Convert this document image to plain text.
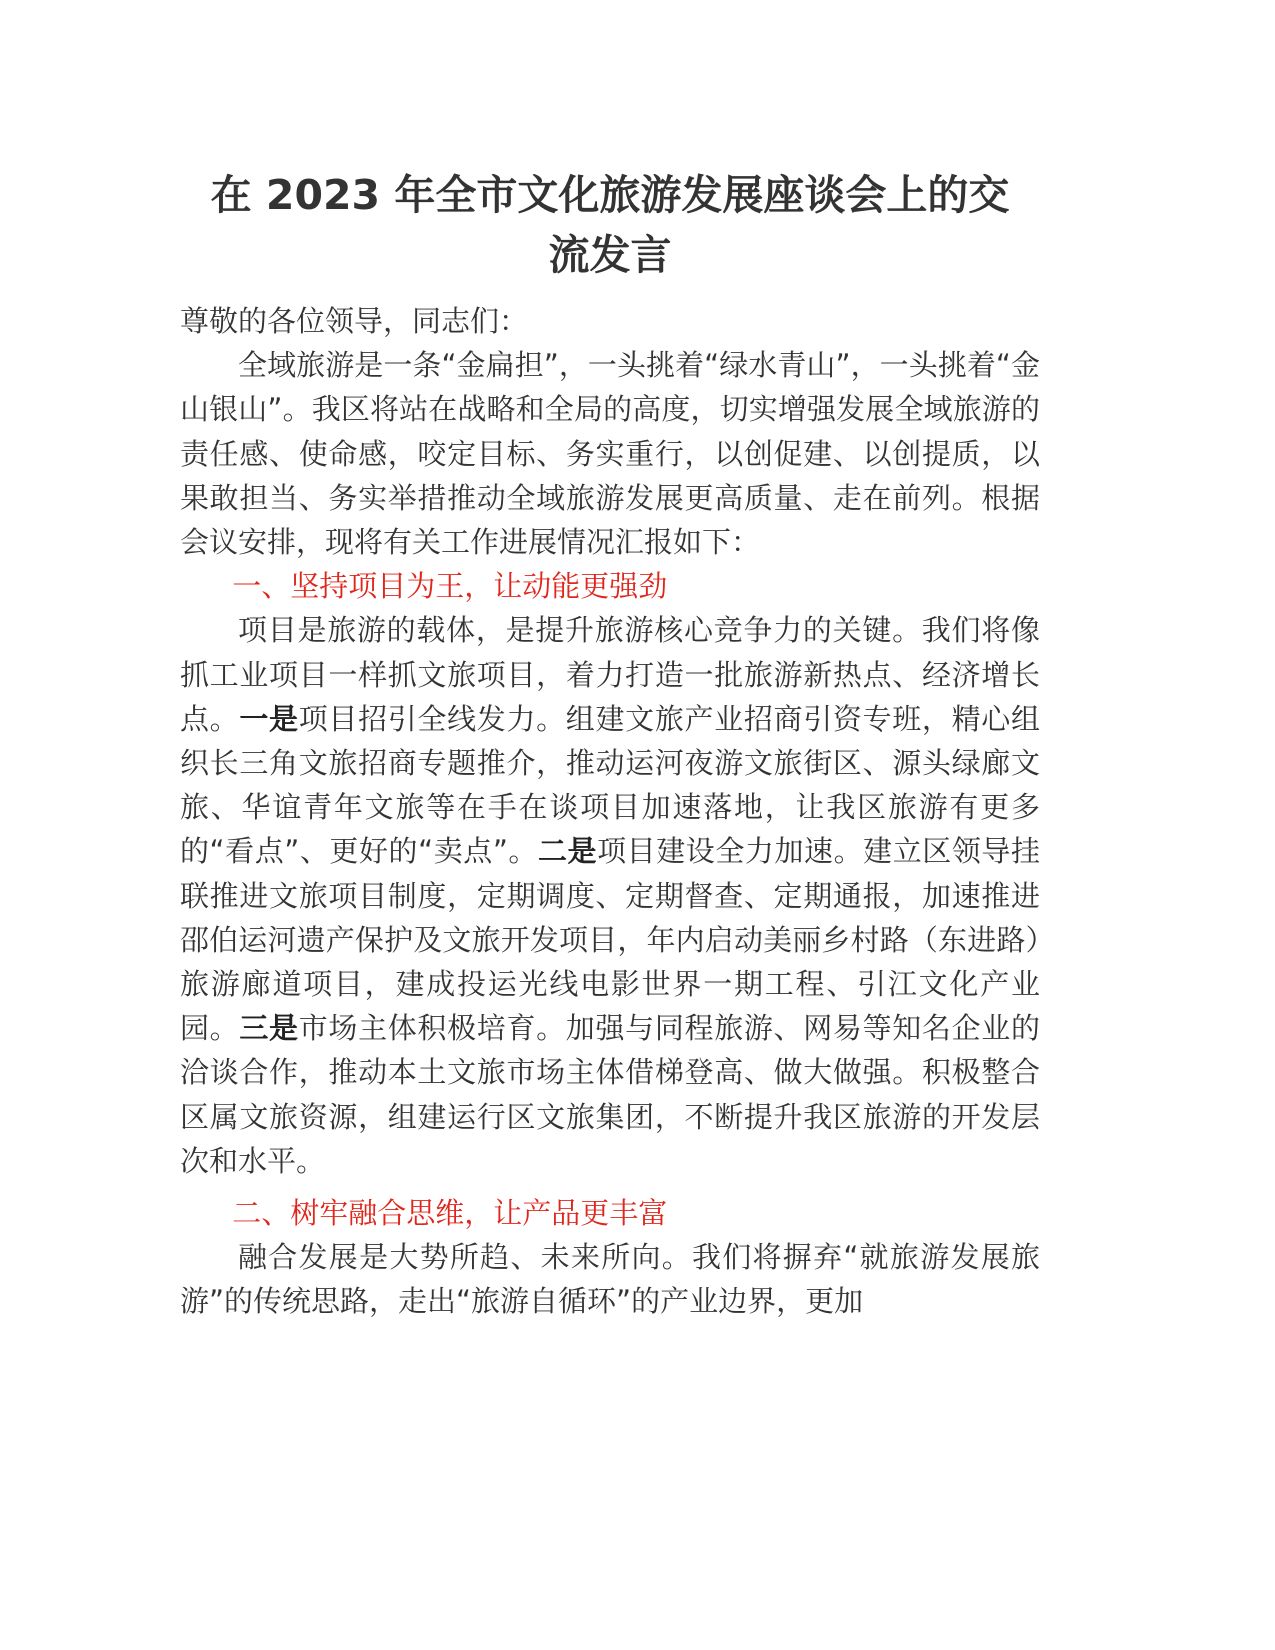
在 2023 年全市文化旅游发展座谈会上的交
流发言

尊敬的各位领导，同志们：

全域旅游是一条“金扁担”，一头挑着“绿水青山”，一头挑着“金山银山”。我区将站在战略和全局的高度，切实增强发展全域旅游的责任感、使命感，咬定目标、务实重行，以创促建、以创提质，以果敢担当、务实举措推动全域旅游发展更高质量、走在前列。根据会议安排，现将有关工作进展情况汇报如下：

一、坚持项目为王，让动能更强劲

项目是旅游的载体，是提升旅游核心竞争力的关键。我们将像抓工业项目一样抓文旅项目，着力打造一批旅游新热点、经济增长点。一是项目招引全线发力。组建文旅产业招商引资专班，精心组织长三角文旅招商专题推介，推动运河夜游文旅街区、源头绿廊文旅、华谊青年文旅等在手在谈项目加速落地，让我区旅游有更多的“看点”、更好的“卖点”。二是项目建设全力加速。建立区领导挂联推进文旅项目制度，定期调度、定期督查、定期通报，加速推进邵伯运河遗产保护及文旅开发项目，年内启动美丽乡村路（东进路）旅游廊道项目，建成投运光线电影世界一期工程、引江文化产业园。三是市场主体积极培育。加强与同程旅游、网易等知名企业的洽谈合作，推动本土文旅市场主体借梯登高、做大做强。积极整合区属文旅资源，组建运行区文旅集团，不断提升我区旅游的开发层次和水平。

二、树牢融合思维，让产品更丰富

融合发展是大势所趋、未来所向。我们将摒弃“就旅游发展旅游”的传统思路，走出“旅游自循环”的产业边界，更加
